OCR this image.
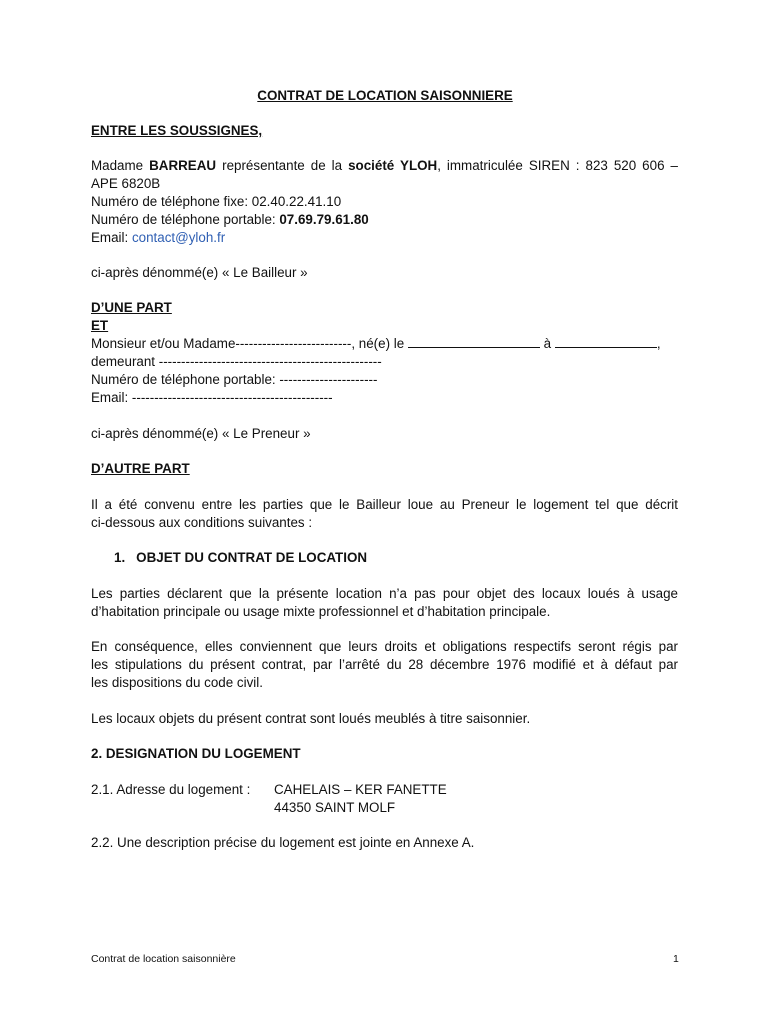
CONTRAT DE LOCATION SAISONNIERE
ENTRE LES SOUSSIGNES,
Madame BARREAU représentante de la société YLOH, immatriculée SIREN : 823 520 606 –
APE 6820B
Numéro de téléphone fixe: 02.40.22.41.10
Numéro de téléphone portable: 07.69.79.61.80
Email: contact@yloh.fr
ci-après dénommé(e) « Le Bailleur »
D’UNE PART
ET
Monsieur et/ou Madame--------------------------, né(e) le	à	,
demeurant --------------------------------------------------
Numéro de téléphone portable: ----------------------
Email: ---------------------------------------------
ci-après dénommé(e) « Le Preneur »
D’AUTRE PART
Il a été convenu entre les parties que le Bailleur loue au Preneur le logement tel que décrit
ci-dessous aux conditions suivantes :
1. OBJET DU CONTRAT DE LOCATION
Les parties déclarent que la présente location n’a pas pour objet des locaux loués à usage
d’habitation principale ou usage mixte professionnel et d’habitation principale.
En conséquence, elles conviennent que leurs droits et obligations respectifs seront régis par
les stipulations du présent contrat, par l’arrêté du 28 décembre 1976 modifié et à défaut par
les dispositions du code civil.
Les locaux objets du présent contrat sont loués meublés à titre saisonnier.
2. DESIGNATION DU LOGEMENT
2.1. Adresse du logement : CAHELAIS – KER FANETTE
44350 SAINT MOLF
2.2. Une description précise du logement est jointe en Annexe A.
Contrat de location saisonnière	1
